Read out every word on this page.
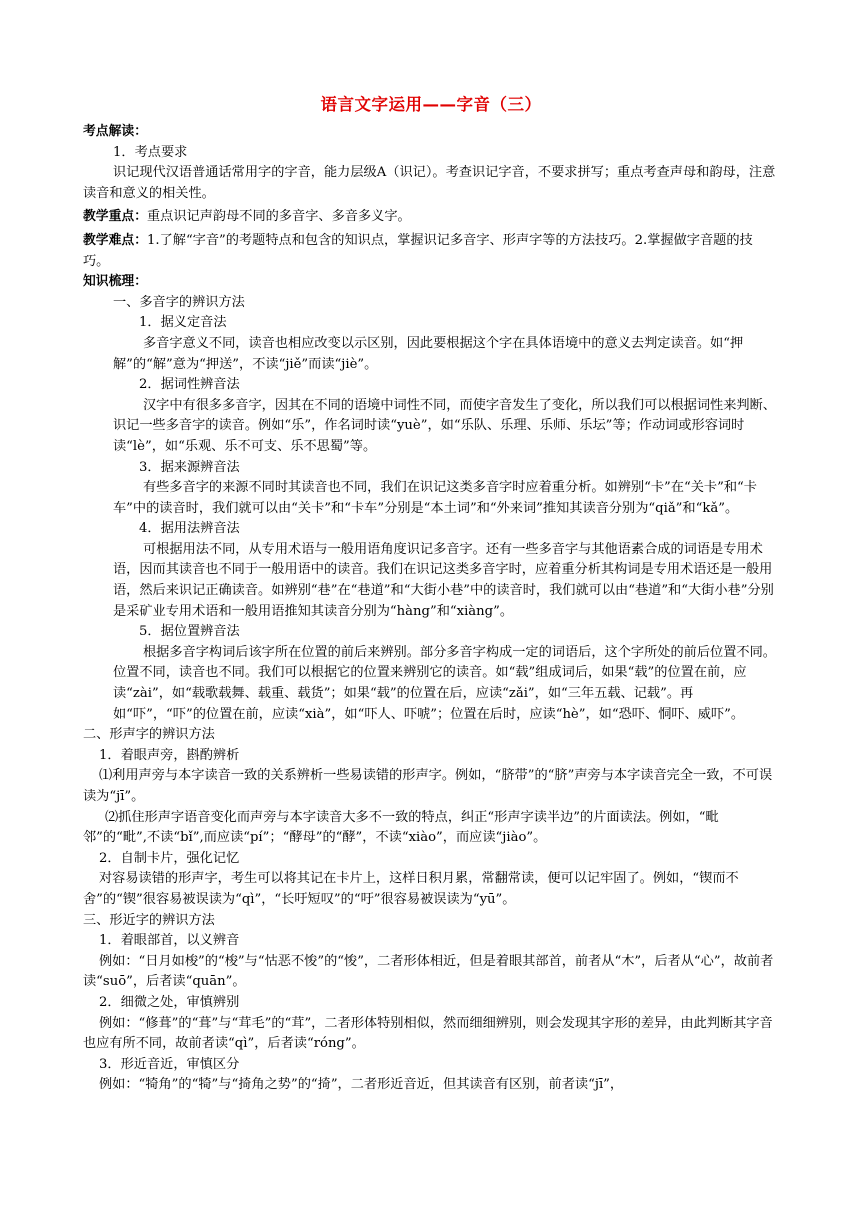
语言文字运用——字音（三）

考点解读：

1．考点要求

识记现代汉语普通话常用字的字音，能力层级A（识记）。考查识记字音，不要求拼写；重点考查声母和韵母，注意读音和意义的相关性。

教学重点：重点识记声韵母不同的多音字、多音多义字。

教学难点：1.了解“字音”的考题特点和包含的知识点，掌握识记多音字、形声字等的方法技巧。2.掌握做字音题的技巧。

知识梳理：

一、多音字的辨识方法

1．据义定音法

多音字意义不同，读音也相应改变以示区别，因此要根据这个字在具体语境中的意义去判定读音。如“押解”的“解”意为“押送”，不读“jiě”而读“jiè”。

2．据词性辨音法

汉字中有很多多音字，因其在不同的语境中词性不同，而使字音发生了变化，所以我们可以根据词性来判断、识记一些多音字的读音。例如“乐”，作名词时读“yuè”，如“乐队、乐理、乐师、乐坛”等；作动词或形容词时读“lè”，如“乐观、乐不可支、乐不思蜀”等。

3．据来源辨音法

有些多音字的来源不同时其读音也不同，我们在识记这类多音字时应着重分析。如辨别“卡”在“关卡”和“卡车”中的读音时，我们就可以由“关卡”和“卡车”分别是“本土词”和“外来词”推知其读音分别为“qiǎ”和“kǎ”。

4．据用法辨音法

可根据用法不同，从专用术语与一般用语角度识记多音字。还有一些多音字与其他语素合成的词语是专用术语，因而其读音也不同于一般用语中的读音。我们在识记这类多音字时，应着重分析其构词是专用术语还是一般用语，然后来识记正确读音。如辨别“巷”在“巷道”和“大街小巷”中的读音时，我们就可以由“巷道”和“大街小巷”分别是采矿业专用术语和一般用语推知其读音分别为“hàng”和“xiàng”。

5．据位置辨音法

根据多音字构词后该字所在位置的前后来辨别。部分多音字构成一定的词语后，这个字所处的前后位置不同。位置不同，读音也不同。我们可以根据它的位置来辨别它的读音。如“载”组成词后，如果“载”的位置在前，应读“zài”，如“载歌载舞、载重、载货”；如果“载”的位置在后，应读“zǎi”，如“三年五载、记载”。再如“吓”，“吓”的位置在前，应读“xià”，如“吓人、吓唬”；位置在后时，应读“hè”，如“恐吓、恫吓、威吓”。

二、形声字的辨识方法

1．着眼声旁，斟酌辨析

⑴利用声旁与本字读音一致的关系辨析一些易读错的形声字。例如，“脐带”的“脐”声旁与本字读音完全一致，不可误读为“jī”。

⑵抓住形声字语音变化而声旁与本字读音大多不一致的特点，纠正“形声字读半边”的片面读法。例如，“毗邻”的“毗”,不读“bǐ”,而应读“pí”；“酵母”的“酵”，不读“xiào”，而应读“jiào”。

2．自制卡片，强化记忆

对容易读错的形声字，考生可以将其记在卡片上，这样日积月累，常翻常读，便可以记牢固了。例如，“锲而不舍”的“锲”很容易被误读为“qì”，“长吁短叹”的“吁”很容易被误读为“yū”。

三、形近字的辨识方法

1．着眼部首，以义辨音

例如：“日月如梭”的“梭”与“怙恶不悛”的“悛”，二者形体相近，但是着眼其部首，前者从“木”，后者从“心”，故前者读“suō”，后者读“quān”。

2．细微之处，审慎辨别

例如：“修葺”的“葺”与“茸毛”的“茸”，二者形体特别相似，然而细细辨别，则会发现其字形的差异，由此判断其字音也应有所不同，故前者读“qì”，后者读“róng”。

3．形近音近，审慎区分

例如：“犄角”的“犄”与“掎角之势”的“掎”，二者形近音近，但其读音有区别，前者读“jī”，
